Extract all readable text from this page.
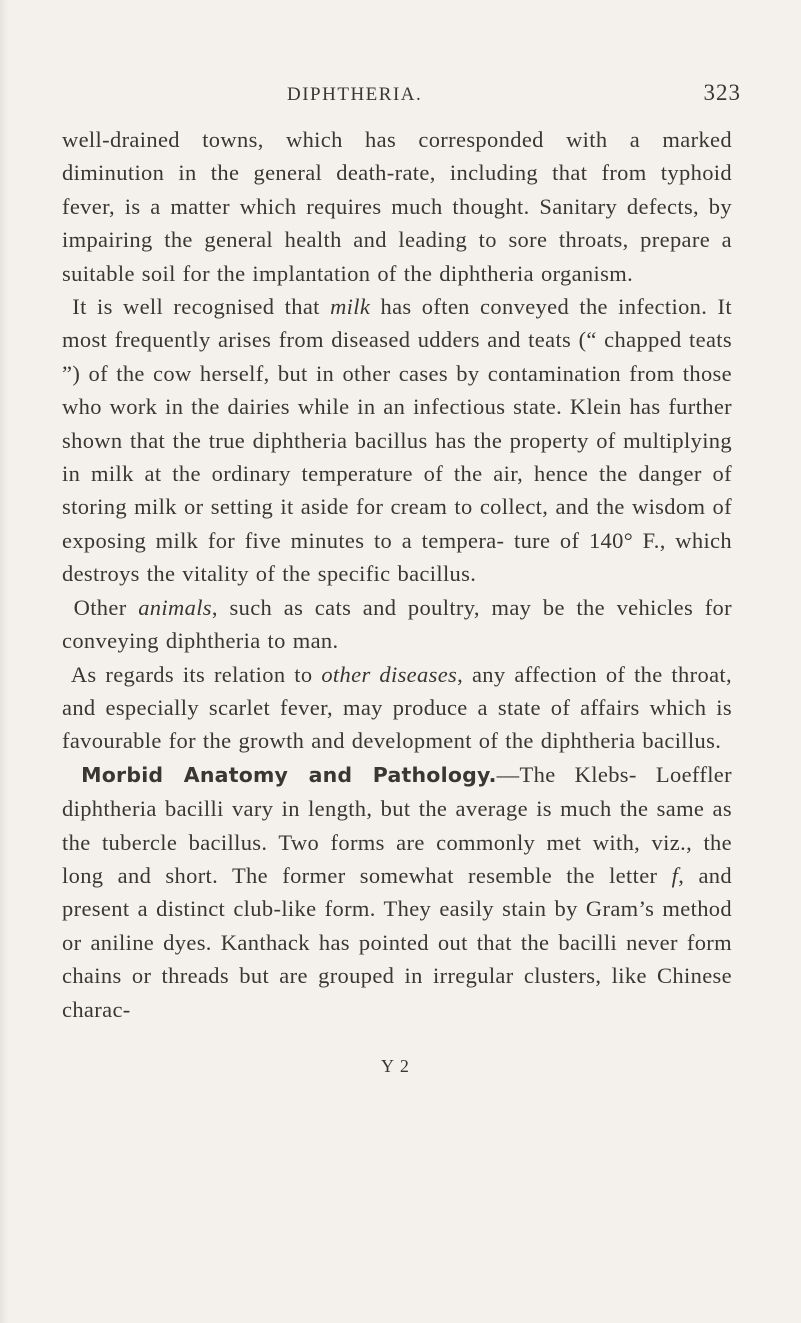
DIPHTHERIA.	323

well-drained towns, which has corresponded with a marked diminution in the general death-rate, including that from typhoid fever, is a matter which requires much thought. Sanitary defects, by impairing the general health and leading to sore throats, prepare a suitable soil for the implantation of the diphtheria organism.

It is well recognised that milk has often conveyed the infection. It most frequently arises from diseased udders and teats (“ chapped teats ”) of the cow herself, but in other cases by contamination from those who work in the dairies while in an infectious state. Klein has further shown that the true diphtheria bacillus has the property of multiplying in milk at the ordinary temperature of the air, hence the danger of storing milk or setting it aside for cream to collect, and the wisdom of exposing milk for five minutes to a tempera- ture of 140° F., which destroys the vitality of the specific bacillus.

Other animals, such as cats and poultry, may be the vehicles for conveying diphtheria to man.

As regards its relation to other diseases, any affection of the throat, and especially scarlet fever, may produce a state of affairs which is favourable for the growth and development of the diphtheria bacillus.

Morbid Anatomy and Pathology.—The Klebs- Loeffler diphtheria bacilli vary in length, but the average is much the same as the tubercle bacillus. Two forms are commonly met with, viz., the long and short. The former somewhat resemble the letter f, and present a distinct club-like form. They easily stain by Gram’s method or aniline dyes. Kanthack has pointed out that the bacilli never form chains or threads but are grouped in irregular clusters, like Chinese charac-

Y 2
